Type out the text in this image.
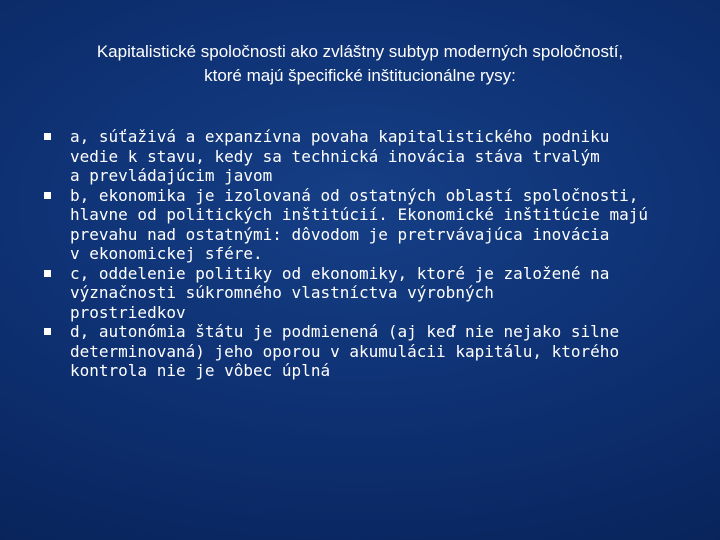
Kapitalistické spoločnosti ako zvláštny subtyp moderných spoločností,
ktoré majú špecifické inštitucionálne rysy:
a, súťaživá a expanzívna povaha kapitalistického podniku
vedie k stavu, kedy sa technická inovácia stáva trvalým
a prevládajúcim javom
b, ekonomika je izolovaná od ostatných oblastí spoločnosti,
hlavne od politických inštitúcií. Ekonomické inštitúcie majú
prevahu nad ostatnými: dôvodom je pretrvávajúca inovácia
v ekonomickej sfére.
c, oddelenie politiky od ekonomiky, ktoré je založené na
význačnosti súkromného vlastníctva výrobných
prostriedkov
d, autonómia štátu je podmienená (aj keď nie nejako silne
determinovaná) jeho oporou v akumulácii kapitálu, ktorého
kontrola nie je vôbec úplná
